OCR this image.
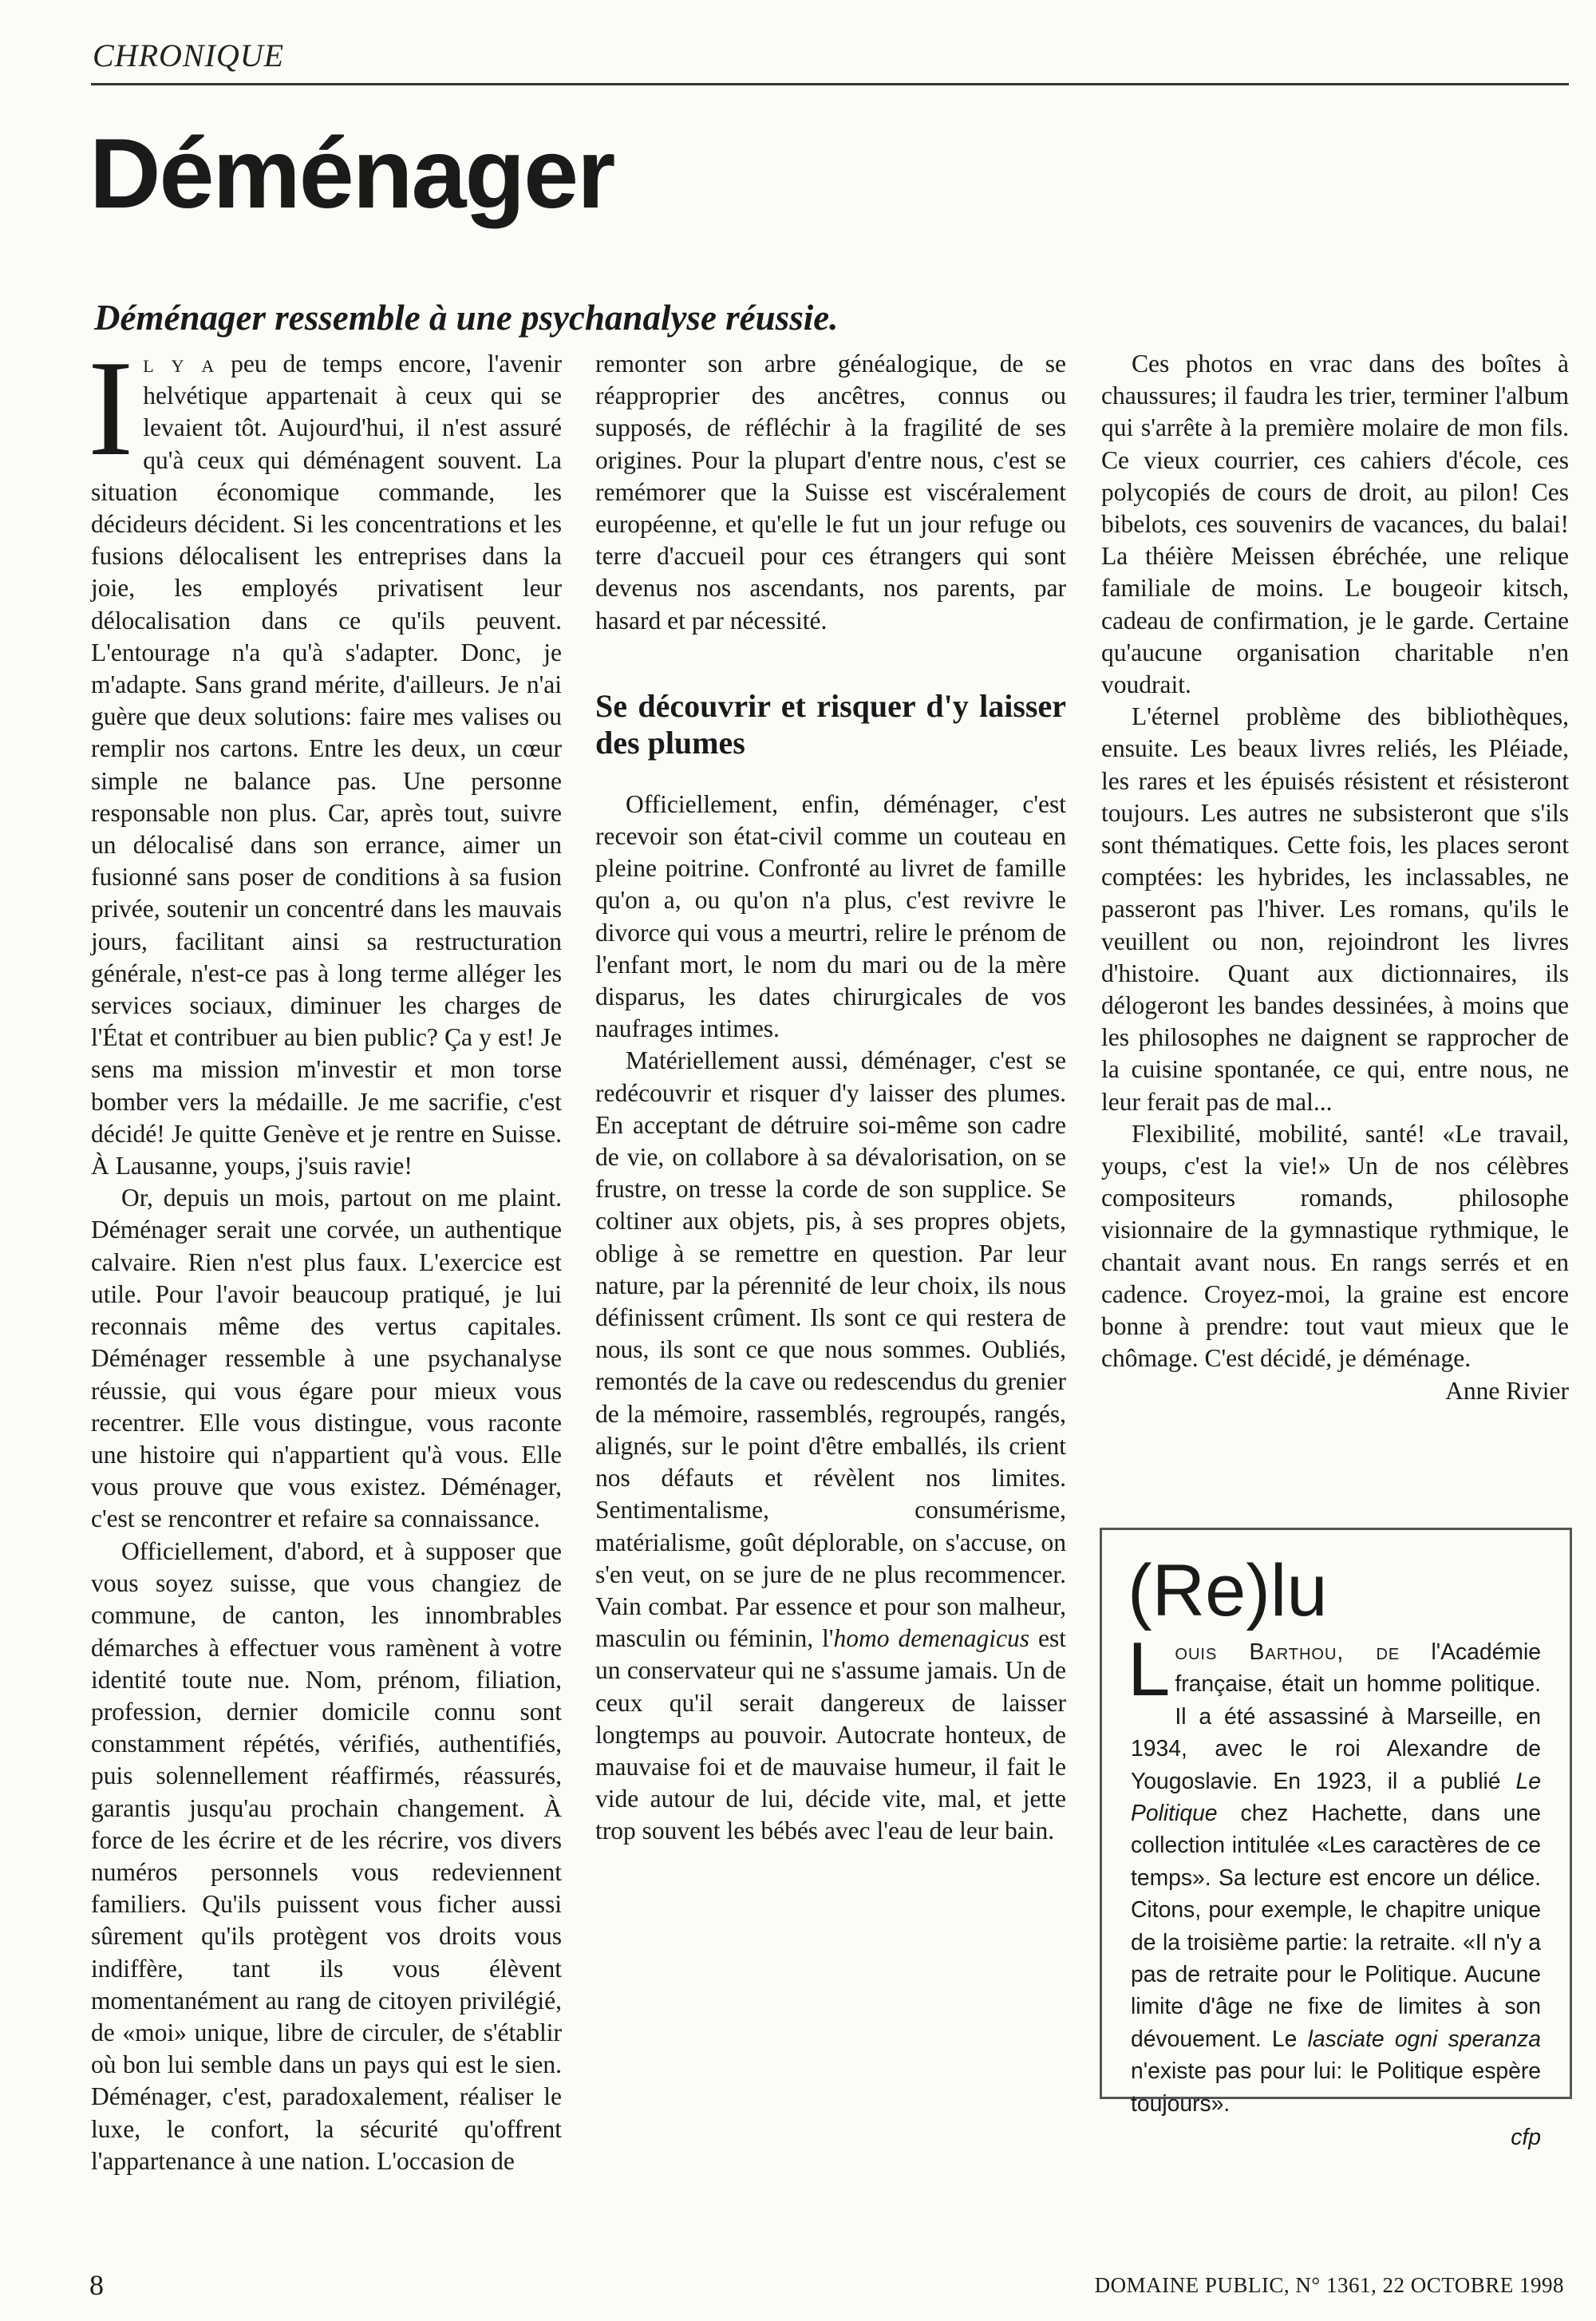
CHRONIQUE
Déménager
Déménager ressemble à une psychanalyse réussie.

Il y a peu de temps encore, l'avenir helvétique appartenait à ceux qui se levaient tôt. Aujourd'hui, il n'est assuré qu'à ceux qui déménagent souvent. La situation économique commande, les décideurs décident. Si les concentrations et les fusions délocalisent les entreprises dans la joie, les employés privatisent leur délocalisation dans ce qu'ils peuvent. L'entourage n'a qu'à s'adapter. Donc, je m'adapte. Sans grand mérite, d'ailleurs. Je n'ai guère que deux solutions: faire mes valises ou remplir nos cartons. Entre les deux, un cœur simple ne balance pas. Une personne responsable non plus. Car, après tout, suivre un délocalisé dans son errance, aimer un fusionné sans poser de conditions à sa fusion privée, soutenir un concentré dans les mauvais jours, facilitant ainsi sa restructuration générale, n'est-ce pas à long terme alléger les services sociaux, diminuer les charges de l'État et contribuer au bien public? Ça y est! Je sens ma mission m'investir et mon torse bomber vers la médaille. Je me sacrifie, c'est décidé! Je quitte Genève et je rentre en Suisse. À Lausanne, youps, j'suis ravie!

Or, depuis un mois, partout on me plaint. Déménager serait une corvée, un authentique calvaire. Rien n'est plus faux. L'exercice est utile. Pour l'avoir beaucoup pratiqué, je lui reconnais même des vertus capitales. Déménager ressemble à une psychanalyse réussie, qui vous égare pour mieux vous recentrer. Elle vous distingue, vous raconte une histoire qui n'appartient qu'à vous. Elle vous prouve que vous existez. Déménager, c'est se rencontrer et refaire sa connaissance.

Officiellement, d'abord, et à supposer que vous soyez suisse, que vous changiez de commune, de canton, les innombrables démarches à effectuer vous ramènent à votre identité toute nue. Nom, prénom, filiation, profession, dernier domicile connu sont constamment répétés, vérifiés, authentifiés, puis solennellement réaffirmés, réassurés, garantis jusqu'au prochain changement. À force de les écrire et de les récrire, vos divers numéros personnels vous redeviennent familiers. Qu'ils puissent vous ficher aussi sûrement qu'ils protègent vos droits vous indiffère, tant ils vous élèvent momentanément au rang de citoyen privilégié, de «moi» unique, libre de circuler, de s'établir où bon lui semble dans un pays qui est le sien. Déménager, c'est, paradoxalement, réaliser le luxe, le confort, la sécurité qu'offrent l'appartenance à une nation. L'occasion de

remonter son arbre généalogique, de se réapproprier des ancêtres, connus ou supposés, de réfléchir à la fragilité de ses origines. Pour la plupart d'entre nous, c'est se remémorer que la Suisse est viscéralement européenne, et qu'elle le fut un jour refuge ou terre d'accueil pour ces étrangers qui sont devenus nos ascendants, nos parents, par hasard et par nécessité.

Se découvrir et risquer d'y laisser des plumes

Officiellement, enfin, déménager, c'est recevoir son état-civil comme un couteau en pleine poitrine. Confronté au livret de famille qu'on a, ou qu'on n'a plus, c'est revivre le divorce qui vous a meurtri, relire le prénom de l'enfant mort, le nom du mari ou de la mère disparus, les dates chirurgicales de vos naufrages intimes.

Matériellement aussi, déménager, c'est se redécouvrir et risquer d'y laisser des plumes. En acceptant de détruire soi-même son cadre de vie, on collabore à sa dévalorisation, on se frustre, on tresse la corde de son supplice. Se coltiner aux objets, pis, à ses propres objets, oblige à se remettre en question. Par leur nature, par la pérennité de leur choix, ils nous définissent crûment. Ils sont ce qui restera de nous, ils sont ce que nous sommes. Oubliés, remontés de la cave ou redescendus du grenier de la mémoire, rassemblés, regroupés, rangés, alignés, sur le point d'être emballés, ils crient nos défauts et révèlent nos limites. Sentimentalisme, consumérisme, matérialisme, goût déplorable, on s'accuse, on s'en veut, on se jure de ne plus recommencer. Vain combat. Par essence et pour son malheur, masculin ou féminin, l'homo demenagicus est un conservateur qui ne s'assume jamais. Un de ceux qu'il serait dangereux de laisser longtemps au pouvoir. Autocrate honteux, de mauvaise foi et de mauvaise humeur, il fait le vide autour de lui, décide vite, mal, et jette trop souvent les bébés avec l'eau de leur bain.

Ces photos en vrac dans des boîtes à chaussures; il faudra les trier, terminer l'album qui s'arrête à la première molaire de mon fils. Ce vieux courrier, ces cahiers d'école, ces polycopiés de cours de droit, au pilon! Ces bibelots, ces souvenirs de vacances, du balai! La théière Meissen ébréchée, une relique familiale de moins. Le bougeoir kitsch, cadeau de confirmation, je le garde. Certaine qu'aucune organisation charitable n'en voudrait.

L'éternel problème des bibliothèques, ensuite. Les beaux livres reliés, les Pléiade, les rares et les épuisés résistent et résisteront toujours. Les autres ne subsisteront que s'ils sont thématiques. Cette fois, les places seront comptées: les hybrides, les inclassables, ne passeront pas l'hiver. Les romans, qu'ils le veuillent ou non, rejoindront les livres d'histoire. Quant aux dictionnaires, ils délogeront les bandes dessinées, à moins que les philosophes ne daignent se rapprocher de la cuisine spontanée, ce qui, entre nous, ne leur ferait pas de mal...

Flexibilité, mobilité, santé! «Le travail, youps, c'est la vie!» Un de nos célèbres compositeurs romands, philosophe visionnaire de la gymnastique rythmique, le chantait avant nous. En rangs serrés et en cadence. Croyez-moi, la graine est encore bonne à prendre: tout vaut mieux que le chômage. C'est décidé, je déménage.
Anne Rivier

(Re)lu

Louis Barthou, de l'Académie française, était un homme politique. Il a été assassiné à Marseille, en 1934, avec le roi Alexandre de Yougoslavie. En 1923, il a publié Le Politique chez Hachette, dans une collection intitulée «Les caractères de ce temps». Sa lecture est encore un délice. Citons, pour exemple, le chapitre unique de la troisième partie: la retraite. «Il n'y a pas de retraite pour le Politique. Aucune limite d'âge ne fixe de limites à son dévouement. Le lasciate ogni speranza n'existe pas pour lui: le Politique espère toujours».

cfp
8	DOMAINE PUBLIC, N° 1361, 22 OCTOBRE 1998
